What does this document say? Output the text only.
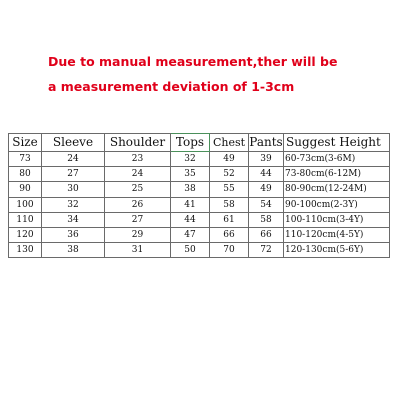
Due to manual measurement,ther will be
a measurement deviation of 1-3cm
Size	Sleeve	Shoulder	Tops	Chest	Pants	Suggest Height
73	24	23	32	49	39	60-73cm(3-6M)
80	27	24	35	52	44	73-80cm(6-12M)
90	30	25	38	55	49	80-90cm(12-24M)
100	32	26	41	58	54	90-100cm(2-3Y)
110	34	27	44	61	58	100-110cm(3-4Y)
120	36	29	47	66	66	110-120cm(4-5Y)
130	38	31	50	70	72	120-130cm(5-6Y)
